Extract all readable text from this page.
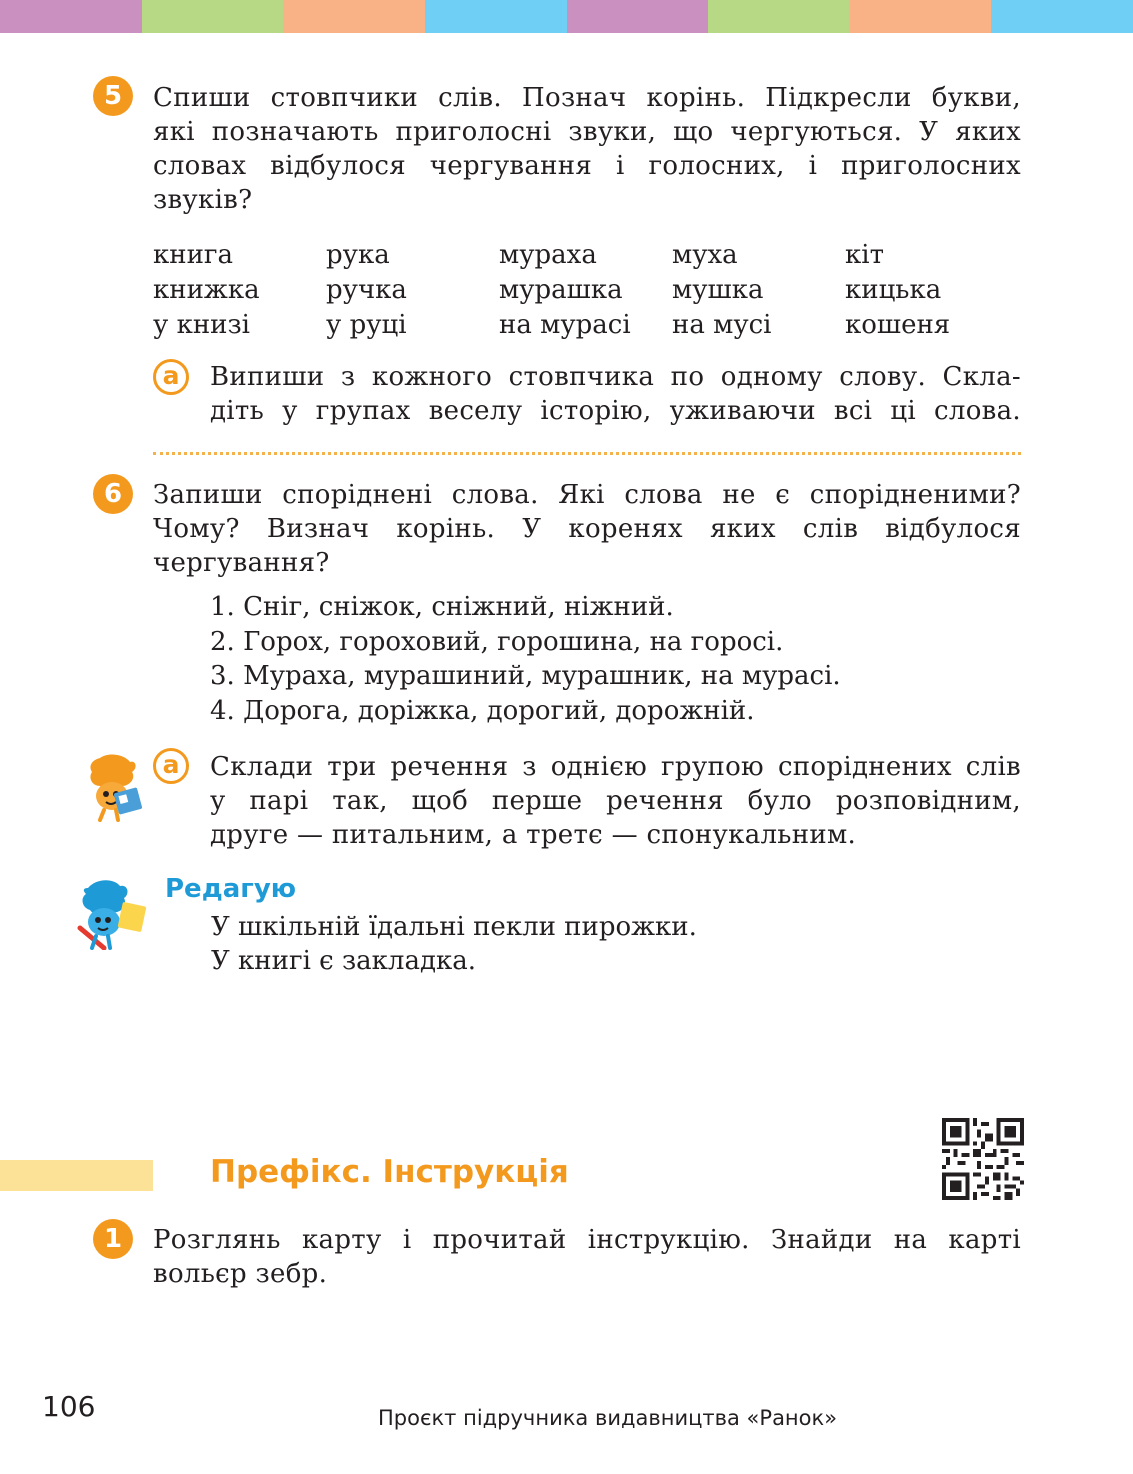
5	Спиши стовпчики слів. Познач корінь. Підкресли букви,
які позначають приголосні звуки, що чергуються. У яких
словах відбулося чергування і голосних, і приголосних
звуків?
книга	рука	мураха	муха	кіт
книжка	ручка	мурашка	мушка	кицька
у книзі	у руці	на мурасі	на мусі	кошеня
а	Випиши з кожного стовпчика по одному слову. Скла-
діть у групах веселу історію, уживаючи всі ці слова.
6	Запиши споріднені слова. Які слова не є спорідненими?
Чому? Визнач корінь. У коренях яких слів відбулося
чергування?
1. Сніг, сніжок, сніжний, ніжний.
2. Горох, гороховий, горошина, на горосі.
3. Мураха, мурашиний, мурашник, на мурасі.
4. Дорога, доріжка, дорогий, дорожній.
а	Склади три речення з однією групою споріднених слів
у парі так, щоб перше речення було розповідним,
друге — питальним, а третє — спонукальним.
Редагую
У шкільній їдальні пекли пирожки.
У книгі є закладка.
Префікс. Інструкція
1	Розглянь карту і прочитай інструкцію. Знайди на карті
вольєр зебр.
106	Проєкт підручника видавництва «Ранок»
